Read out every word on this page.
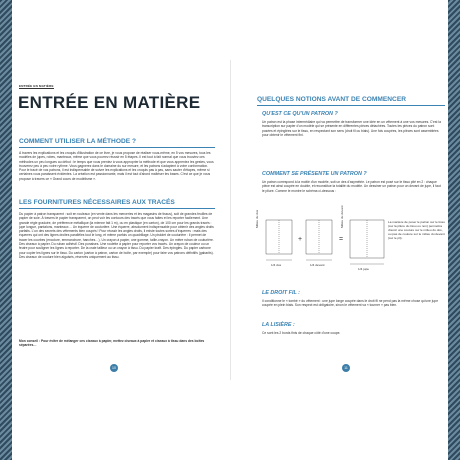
ENTRÉE EN MATIÈRE
ENTRÉE EN MATIÈRE
COMMENT UTILISER LA MÉTHODE ?
À travers les explications et les croquis d'illustration de ce livre, je vous propose de réaliser vous-même, en 5 vos mesures, tous les modèles de jupes, robes, manteaux, même que vous pourrez réussir en 5 étapes. Il est tout à fait normal que vous trouviez ces méthodes un peu longues au début : le temps que vous preniez à vous approprier la méthode et que vous appreniez les gestes, vous trouverez peu à peu votre rythme. Vous gagnerez dans le domaine du sur mesure, et les patrons s'adaptent à votre conformation. Pour le tracé de vos patrons, il est indispensable de suivre les explications et les croquis pas à pas, sans sauter d'étapes, même si certaines vous paraissent évidentes. La création est passionnante, mais il est tout d'abord maîtriser les bases. C'est ce que je vous propose à travers ce « Grand cours de modélisme ».
LES FOURNITURES NÉCESSAIRES AUX TRACÉS
Du papier à patron transparent : soit en rouleaux (en vente dans les merceries et les magasins de tissus), soit de grandes feuilles de papier de soie. À travers le papier transparent, on peut voir les contours des tracés que vous faites et les reporter facilement. Une grande règle graduée, de préférence métallique (la mienne fait 1 m), ou en plastique (en carton), de 100 cm pour les grands tracés : jupe longue, pantalons, manteaux… Un équerre de couturière. Une équerre, absolument indispensable pour obtenir des angles droits parfaits. L'un des secrets des vêtements bien coupés ! Pour réussir les angles droits, il existe toutes sortes d'équerres : mais des équerres qui ont des lignes droites parallèles tout le long, et même parfois un quadrillage. Un pistolet de couturière : il permet de tracer les courbes (encolure, emmanchure, hanches…). Un crayon à papier, une gomme, taille-crayon. Un mètre ruban de couturière. Des ciseaux à papier. Du ruban adhésif. Des punaises. Une roulette à papier pour reporter vos tracés. Un crayon de couleur ou un feutre pour souligner les lignes à reporter. De la craie tailleur ou un crayon à tissu. Du papier kraft. Des épingles. Du papier carbone pour copier les lignes sur le tissu. Du carton (carton à patron, carton de boîte, par exemple) pour faire vos patrons définitifs (gabarits). Des ciseaux de couture bien aiguisés, réservés uniquement au tissu.
Mon conseil : Pour éviter de mélanger ces ciseaux à papier, mettez ciseaux à papier et ciseaux à tissu dans des boîtes séparées…
10
QUELQUES NOTIONS AVANT DE COMMENCER
QU'EST CE QU'UN PATRON ?
Un patron est la phase intermédiaire qui va permettre de transformer une idée en un vêtement à une vos mesures. C'est la transcription sur papier d'un modèle qui se présente en différentes pièces détachées. Toutes les pièces du patron sont posées et épinglées sur le tissu, en respectant son sens (droit fil ou biais). Une fois coupées, les pièces sont assemblées pour obtenir le vêtement fini.
COMMENT SE PRÉSENTE UN PATRON ?
Un patron correspond à la moitié d'un modèle, soit un des d'asymétrie. Le patron est posé sur le tissu plié en 2 : chaque pièce est ainsi coupée en double, et reconstitue la totalité du modèle. Un dessiner un patron pour un devant de jupe, il faut le pliure. Comme le montre le schéma ci-dessous :
1/4 dos	1/4 devant
1/4 jupe
Milieu du dos	Milieu du devant
+	=
La manière de poser le patron sur le tissu (sur la pliure du tissu ou non) permettra d'avoir une couture sur le milieu du dos, ou pas de couture sur le milieu du devant (sur le pli).
LE DROIT FIL :
Il conditionne le « tombé » du vêtement : une jupe longe coupée dans le droit fil ne pend pas la même chose qu'une jupe coupée en plein biais. Son respect est obligatoire, sinon le vêtement va « tourner » pas bien.
LA LISIÈRE :
Ce sont les 2 bords finis de chaque côté d'une coupe.
11
